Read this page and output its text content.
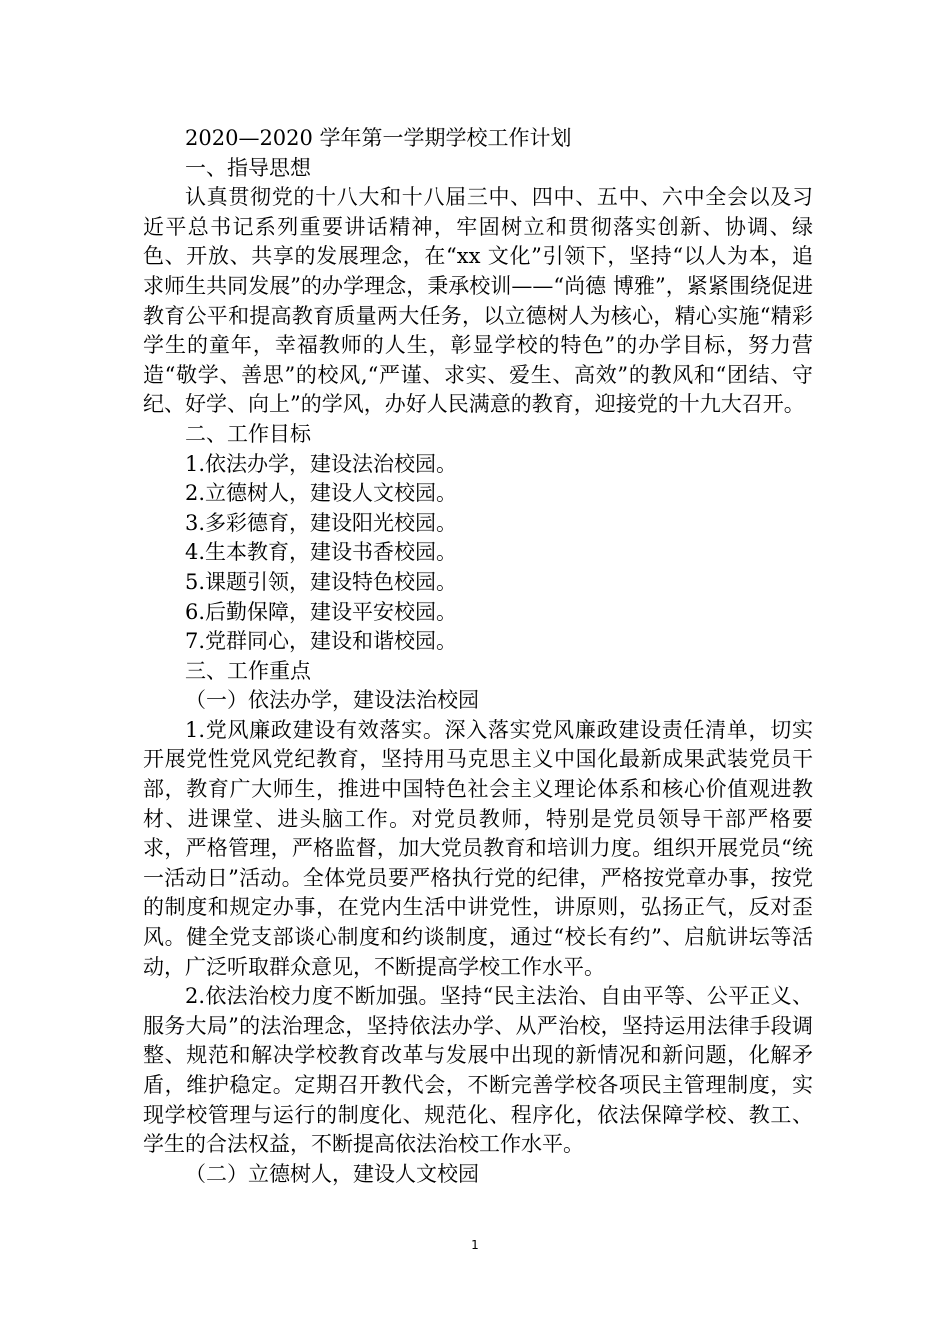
2020—2020 学年第一学期学校工作计划

一、指导思想

认真贯彻党的十八大和十八届三中、四中、五中、六中全会以及习近平总书记系列重要讲话精神，牢固树立和贯彻落实创新、协调、绿色、开放、共享的发展理念，在“xx 文化”引领下，坚持“以人为本，追求师生共同发展”的办学理念，秉承校训——“尚德 博雅”，紧紧围绕促进教育公平和提高教育质量两大任务，以立德树人为核心，精心实施“精彩学生的童年，幸福教师的人生，彰显学校的特色”的办学目标，努力营造“敬学、善思”的校风,“严谨、求实、爱生、高效”的教风和“团结、守纪、好学、向上”的学风，办好人民满意的教育，迎接党的十九大召开。

二、工作目标

1.依法办学，建设法治校园。

2.立德树人，建设人文校园。

3.多彩德育，建设阳光校园。

4.生本教育，建设书香校园。

5.课题引领，建设特色校园。

6.后勤保障，建设平安校园。

7.党群同心，建设和谐校园。

三、工作重点

（一）依法办学，建设法治校园

1.党风廉政建设有效落实。深入落实党风廉政建设责任清单，切实开展党性党风党纪教育，坚持用马克思主义中国化最新成果武装党员干部，教育广大师生，推进中国特色社会主义理论体系和核心价值观进教材、进课堂、进头脑工作。对党员教师，特别是党员领导干部严格要求，严格管理，严格监督，加大党员教育和培训力度。组织开展党员“统一活动日”活动。全体党员要严格执行党的纪律，严格按党章办事，按党的制度和规定办事，在党内生活中讲党性，讲原则，弘扬正气，反对歪风。健全党支部谈心制度和约谈制度，通过“校长有约”、启航讲坛等活动，广泛听取群众意见，不断提高学校工作水平。

2.依法治校力度不断加强。坚持“民主法治、自由平等、公平正义、服务大局”的法治理念，坚持依法办学、从严治校，坚持运用法律手段调整、规范和解决学校教育改革与发展中出现的新情况和新问题，化解矛盾，维护稳定。定期召开教代会，不断完善学校各项民主管理制度，实现学校管理与运行的制度化、规范化、程序化，依法保障学校、教工、学生的合法权益，不断提高依法治校工作水平。

（二）立德树人，建设人文校园

1
